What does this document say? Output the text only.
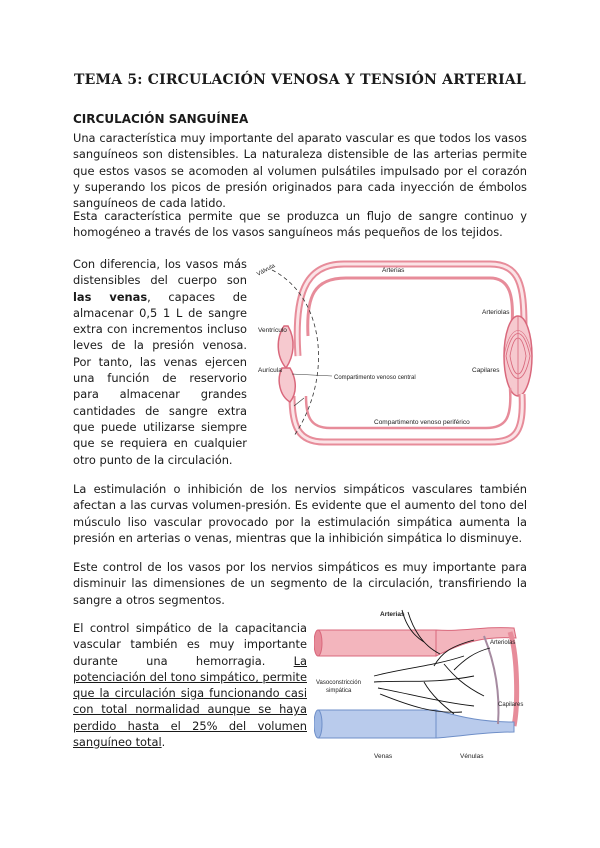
TEMA 5: CIRCULACIÓN VENOSA Y TENSIÓN ARTERIAL
CIRCULACIÓN SANGUÍNEA

Una característica muy importante del aparato vascular es que todos los vasos sanguíneos son distensibles. La naturaleza distensible de las arterias permite que estos vasos se acomoden al volumen pulsátiles impulsado por el corazón y superando los picos de presión originados para cada inyección de émbolos sanguíneos de cada latido.

Esta característica permite que se produzca un flujo de sangre continuo y homogéneo a través de los vasos sanguíneos más pequeños de los tejidos.

Con diferencia, los vasos más distensibles del cuerpo son las venas, capaces de almacenar 0,5 1 L de sangre extra con incrementos incluso leves de la presión venosa. Por tanto, las venas ejercen una función de reservorio para almacenar grandes cantidades de sangre extra que puede utilizarse siempre que se requiera en cualquier otro punto de la circulación.

Válvula	Arterias
Arteriolas
Ventrículo
Aurícula
Compartimento venoso central
Capilares
Compartimento venoso periférico

La estimulación o inhibición de los nervios simpáticos vasculares también afectan a las curvas volumen-presión. Es evidente que el aumento del tono del músculo liso vascular provocado por la estimulación simpática aumenta la presión en arterias o venas, mientras que la inhibición simpática lo disminuye.

Este control de los vasos por los nervios simpáticos es muy importante para disminuir las dimensiones de un segmento de la circulación, transfiriendo la sangre a otros segmentos.

El control simpático de la capacitancia vascular también es muy importante durante una hemorragia. La potenciación del tono simpático, permite que la circulación siga funcionando casi con total normalidad aunque se haya perdido hasta el 25% del volumen sanguíneo total.

Arterias
Arteriolas
Vasoconstricción
simpática
Capilares
Venas	Vénulas
